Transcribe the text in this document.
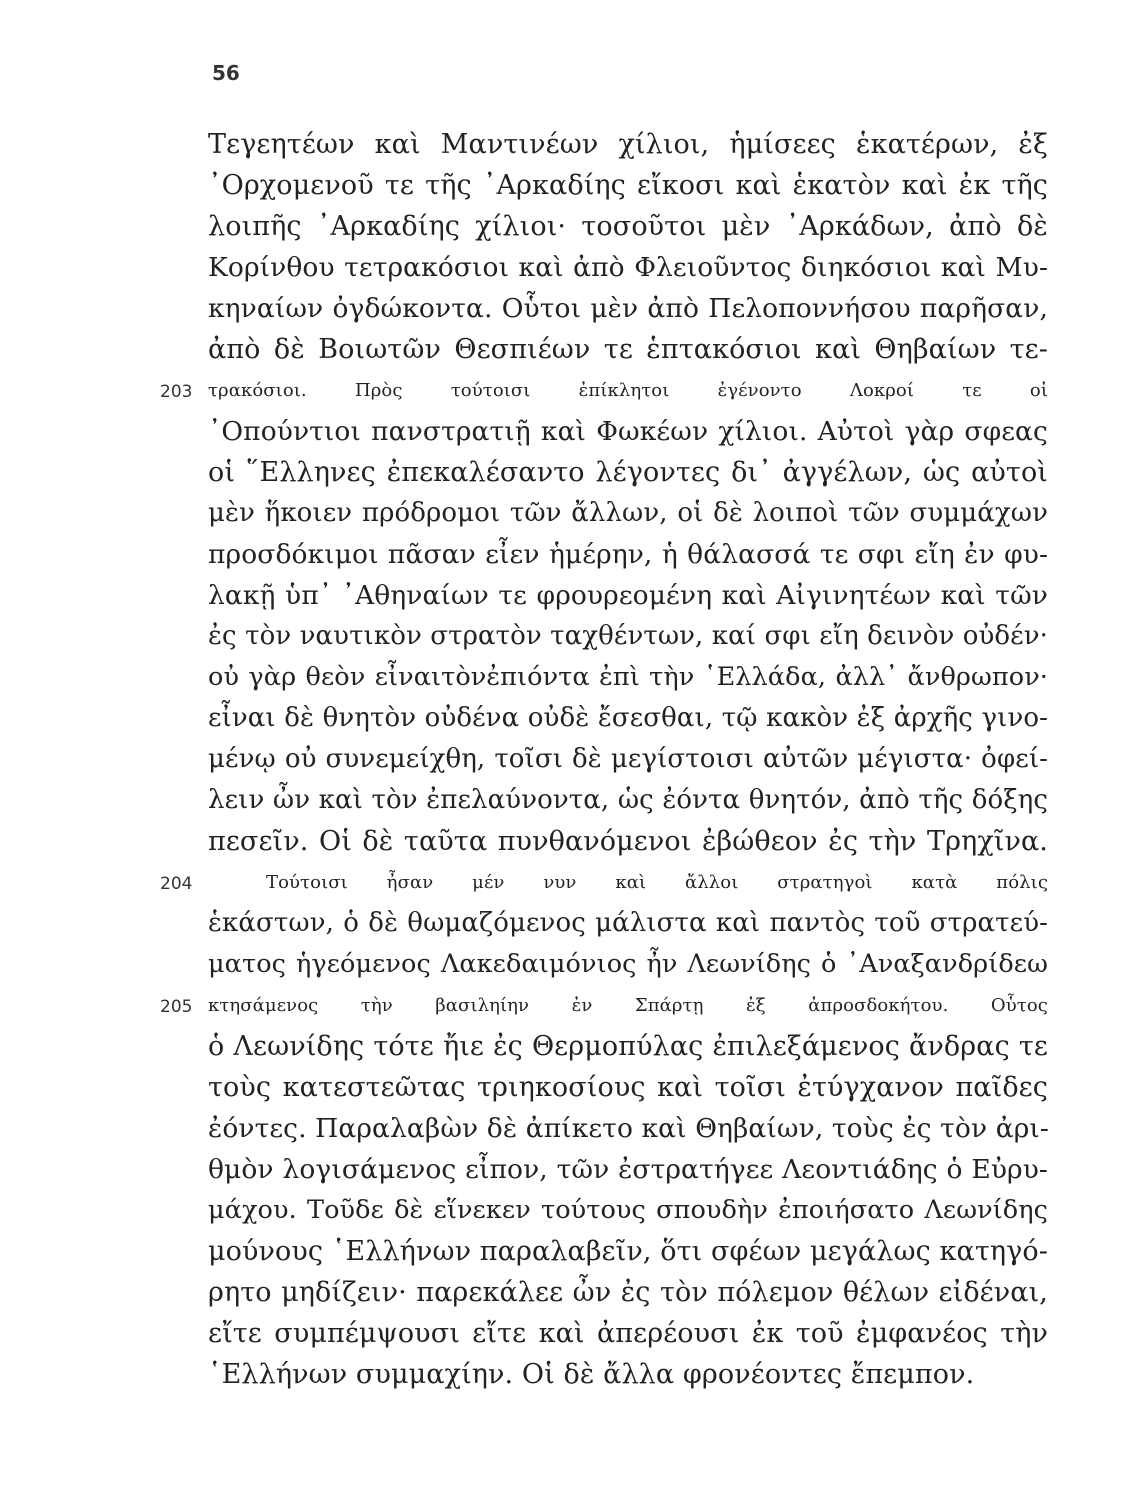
56
Τεγεητέων καὶ Μαντινέων χίλιοι, ἡμίσεες ἑκατέρων, ἐξ
᾿Ορχομενοῦ τε τῆς ᾿Αρκαδίης εἴκοσι καὶ ἑκατὸν καὶ ἐκ τῆς
λοιπῆς ᾿Αρκαδίης χίλιοι· τοσοῦτοι μὲν ᾿Αρκάδων, ἀπὸ δὲ
Κορίνθου τετρακόσιοι καὶ ἀπὸ Φλειοῦντος διηκόσιοι καὶ Μυ-
κηναίων ὀγδώκοντα. Οὗτοι μὲν ἀπὸ Πελοποννήσου παρῆσαν,
ἀπὸ δὲ Βοιωτῶν Θεσπιέων τε ἑπτακόσιοι καὶ Θηβαίων τε-
203 τρακόσιοι. Πρὸς τούτοισι ἐπίκλητοι ἐγένοντο Λοκροί τε οἱ
᾿Οπούντιοι πανστρατιῇ καὶ Φωκέων χίλιοι. Αὐτοὶ γὰρ σφεας
οἱ ῞Ελληνες ἐπεκαλέσαντο λέγοντες δι᾿ ἀγγέλων, ὡς αὐτοὶ
μὲν ἥκοιεν πρόδρομοι τῶν ἄλλων, οἱ δὲ λοιποὶ τῶν συμμάχων
προσδόκιμοι πᾶσαν εἶεν ἡμέρην, ἡ θάλασσά τε σφι εἴη ἐν φυ-
λακῇ ὑπ᾿ ᾿Αθηναίων τε φρουρεομένη καὶ Αἰγινητέων καὶ τῶν
ἐς τὸν ναυτικὸν στρατὸν ταχθέντων, καί σφι εἴη δεινὸν οὐδέν·
οὐ γὰρ θεὸν εἶναιτὸνἐπιόντα ἐπὶ τὴν ῾Ελλάδα, ἀλλ᾿ ἄνθρωπον·
εἶναι δὲ θνητὸν οὐδένα οὐδὲ ἔσεσθαι, τῷ κακὸν ἐξ ἀρχῆς γινο-
μένῳ οὐ συνεμείχθη, τοῖσι δὲ μεγίστοισι αὐτῶν μέγιστα· ὀφεί-
λειν ὦν καὶ τὸν ἐπελαύνοντα, ὡς ἐόντα θνητόν, ἀπὸ τῆς δόξης
πεσεῖν. Οἱ δὲ ταῦτα πυνθανόμενοι ἐβώθεον ἐς τὴν Τρηχῖνα.
204	Τούτοισι ἦσαν μέν νυν καὶ ἄλλοι στρατηγοὶ κατὰ πόλις
ἑκάστων, ὁ δὲ θωμαζόμενος μάλιστα καὶ παντὸς τοῦ στρατεύ-
ματος ἡγεόμενος Λακεδαιμόνιος ἦν Λεωνίδης ὁ ᾿Αναξανδρίδεω
205 κτησάμενος τὴν βασιληίην ἐν Σπάρτῃ ἐξ ἀπροσδοκήτου. Οὗτος
ὁ Λεωνίδης τότε ἤιε ἐς Θερμοπύλας ἐπιλεξάμενος ἄνδρας τε
τοὺς κατεστεῶτας τριηκοσίους καὶ τοῖσι ἐτύγχανον παῖδες
ἐόντες. Παραλαβὼν δὲ ἀπίκετο καὶ Θηβαίων, τοὺς ἐς τὸν ἀρι-
θμὸν λογισάμενος εἶπον, τῶν ἐστρατήγεε Λεοντιάδης ὁ Εὐρυ-
μάχου. Τοῦδε δὲ εἵνεκεν τούτους σπουδὴν ἐποιήσατο Λεωνίδης
μούνους ῾Ελλήνων παραλαβεῖν, ὅτι σφέων μεγάλως κατηγό-
ρητο μηδίζειν· παρεκάλεε ὦν ἐς τὸν πόλεμον θέλων εἰδέναι,
εἴτε συμπέμψουσι εἴτε καὶ ἀπερέουσι ἐκ τοῦ ἐμφανέος τὴν
῾Ελλήνων συμμαχίην. Οἱ δὲ ἄλλα φρονέοντες ἔπεμπον.
